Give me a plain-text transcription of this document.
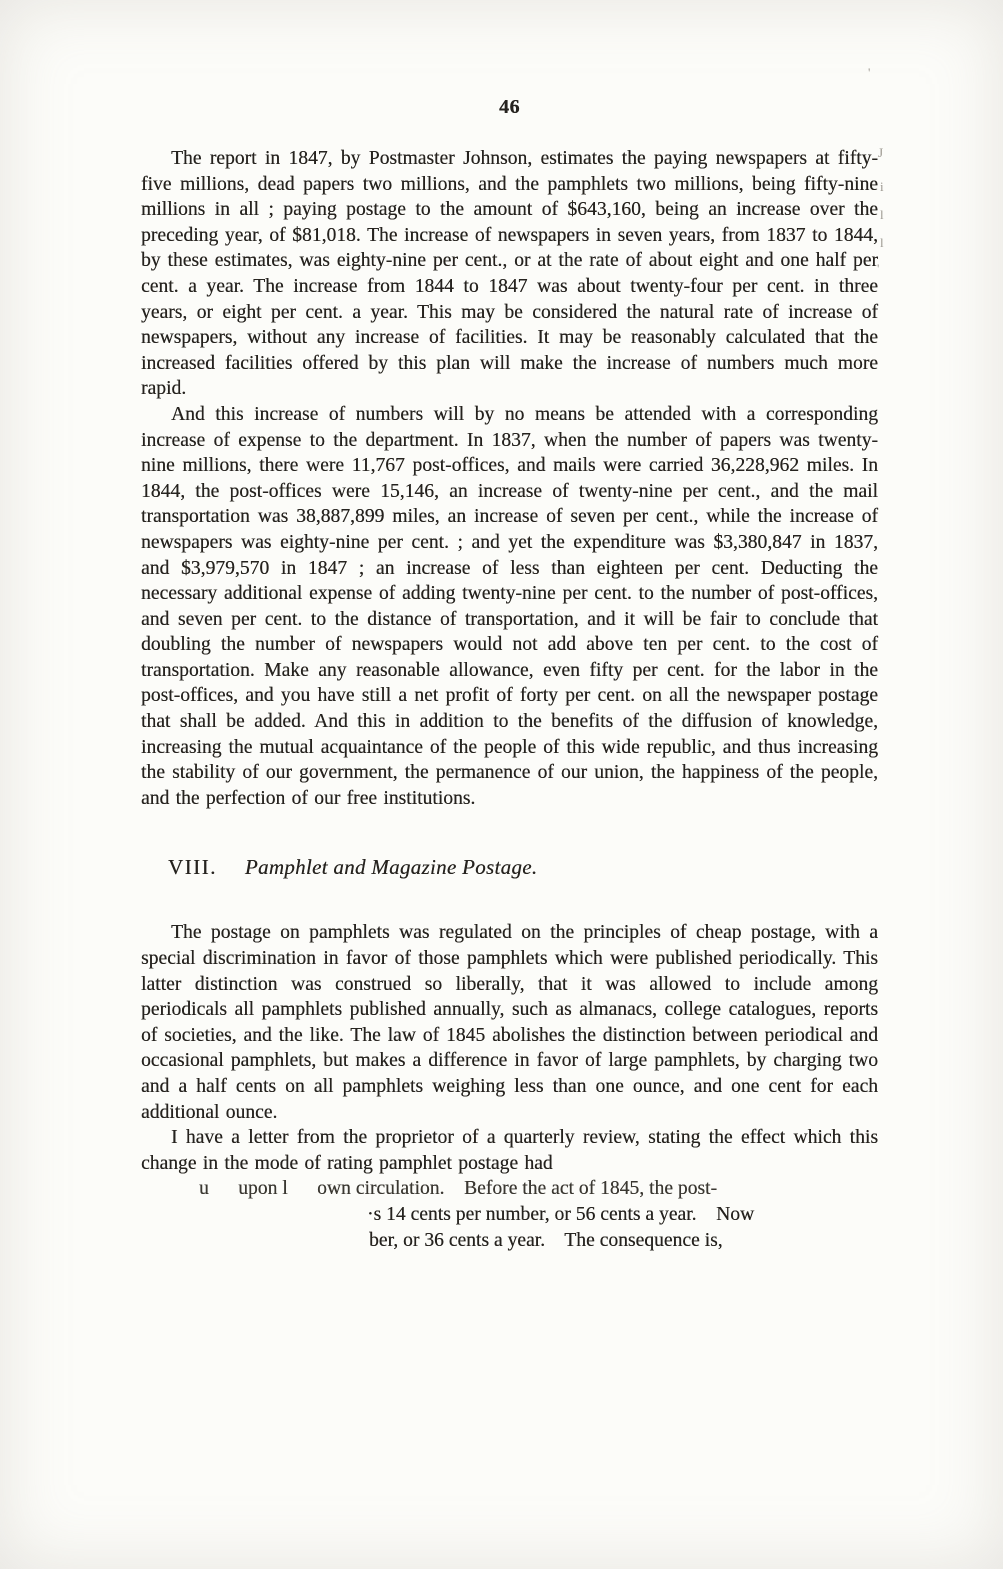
46

The report in 1847, by Postmaster Johnson, estimates the paying newspapers at fifty-five millions, dead papers two millions, and the pamphlets two millions, being fifty-nine millions in all ; paying postage to the amount of $643,160, being an increase over the preceding year, of $81,018. The increase of newspapers in seven years, from 1837 to 1844, by these estimates, was eighty-nine per cent., or at the rate of about eight and one half per cent. a year. The increase from 1844 to 1847 was about twenty-four per cent. in three years, or eight per cent. a year. This may be considered the natural rate of increase of newspapers, without any increase of facilities. It may be reasonably calculated that the increased facilities offered by this plan will make the increase of numbers much more rapid.

And this increase of numbers will by no means be attended with a corresponding increase of expense to the department. In 1837, when the number of papers was twenty-nine millions, there were 11,767 post-offices, and mails were carried 36,228,962 miles. In 1844, the post-offices were 15,146, an increase of twenty-nine per cent., and the mail transportation was 38,887,899 miles, an increase of seven per cent., while the increase of newspapers was eighty-nine per cent. ; and yet the expenditure was $3,380,847 in 1837, and $3,979,570 in 1847 ; an increase of less than eighteen per cent. Deducting the necessary additional expense of adding twenty-nine per cent. to the number of post-offices, and seven per cent. to the distance of transportation, and it will be fair to conclude that doubling the number of newspapers would not add above ten per cent. to the cost of transportation. Make any reasonable allowance, even fifty per cent. for the labor in the post-offices, and you have still a net profit of forty per cent. on all the newspaper postage that shall be added. And this in addition to the benefits of the diffusion of knowledge, increasing the mutual acquaintance of the people of this wide republic, and thus increasing the stability of our government, the permanence of our union, the happiness of the people, and the perfection of our free institutions.

VIII. Pamphlet and Magazine Postage.

The postage on pamphlets was regulated on the principles of cheap postage, with a special discrimination in favor of those pamphlets which were published periodically. This latter distinction was construed so liberally, that it was allowed to include among periodicals all pamphlets published annually, such as almanacs, college catalogues, reports of societies, and the like. The law of 1845 abolishes the distinction between periodical and occasional pamphlets, but makes a difference in favor of large pamphlets, by charging two and a half cents on all pamphlets weighing less than one ounce, and one cent for each additional ounce.

I have a letter from the proprietor of a quarterly review, stating the effect which this change in the mode of rating pamphlet postage had

u      upon l      own circulation.    Before the act of 1845, the post-
·s 14 cents per number, or 56 cents a year.    Now
ber, or 36 cents a year.    The consequence is,
'
J
i
l
l
'
